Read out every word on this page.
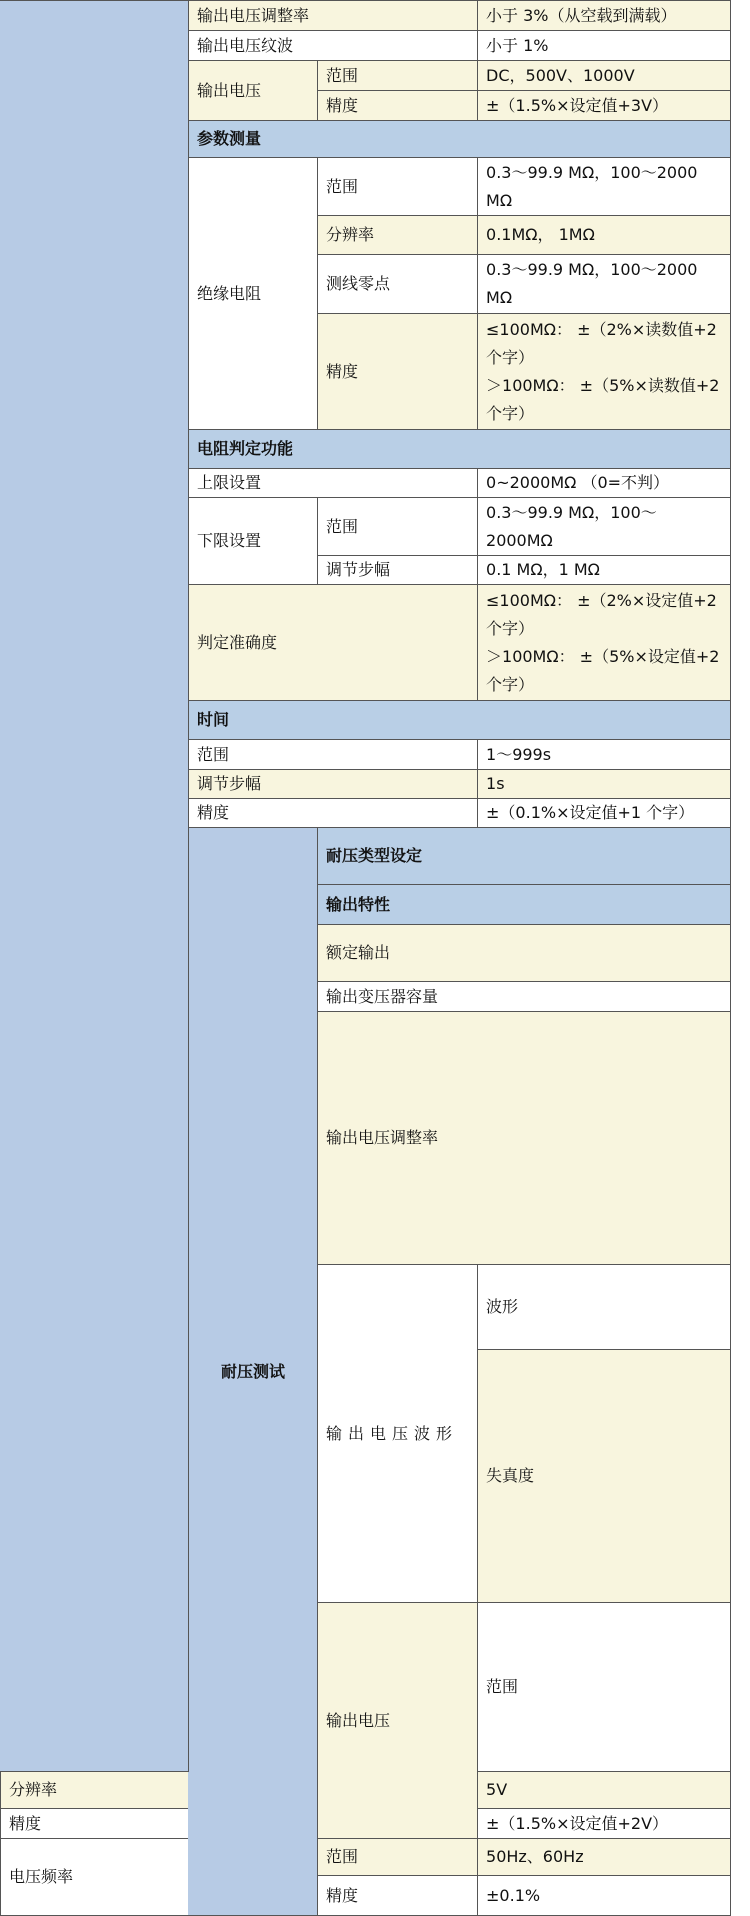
	输出电压调整率		小于 3%（从空载到满载）	
	输出电压纹波		小于 1%	
	输出电压	范围	DC，500V、1000V	
		精度	±（1.5%×设定值+3V）	
	参数测量			
	绝缘电阻	范围	0.3～99.9 MΩ，100～2000 MΩ	
		分辨率	0.1MΩ， 1MΩ	
		测线零点	0.3～99.9 MΩ，100～2000 MΩ	
		精度	≤100MΩ： ±（2%×读数值+2 个字）
＞100MΩ： ±（5%×读数值+2 个字）	

	电阻判定功能			
	上限设置		0~2000MΩ （0=不判）	
	下限设置	范围	0.3～99.9 MΩ，100～2000MΩ	
		调节步幅	0.1 MΩ，1 MΩ	
	判定准确度		≤100MΩ： ±（2%×设定值+2 个字）
＞100MΩ： ±（5%×设定值+2 个字）	

	时间			
	范围		1～999s	
	调节步幅		1s	
	精度		±（0.1%×设定值+1 个字）	
	耐压测试	耐压类型设定	
		输出特性		
		额定输出	
		输出变压器容量	
		输出电压调整率	
		输出电压波形	波形	
			失真度	
		输出电压	范围	
分辨率			5V	
精度			±（1.5%×设定值+2V）	
电压频率		范围	50Hz、60Hz	
		精度	±0.1%	
